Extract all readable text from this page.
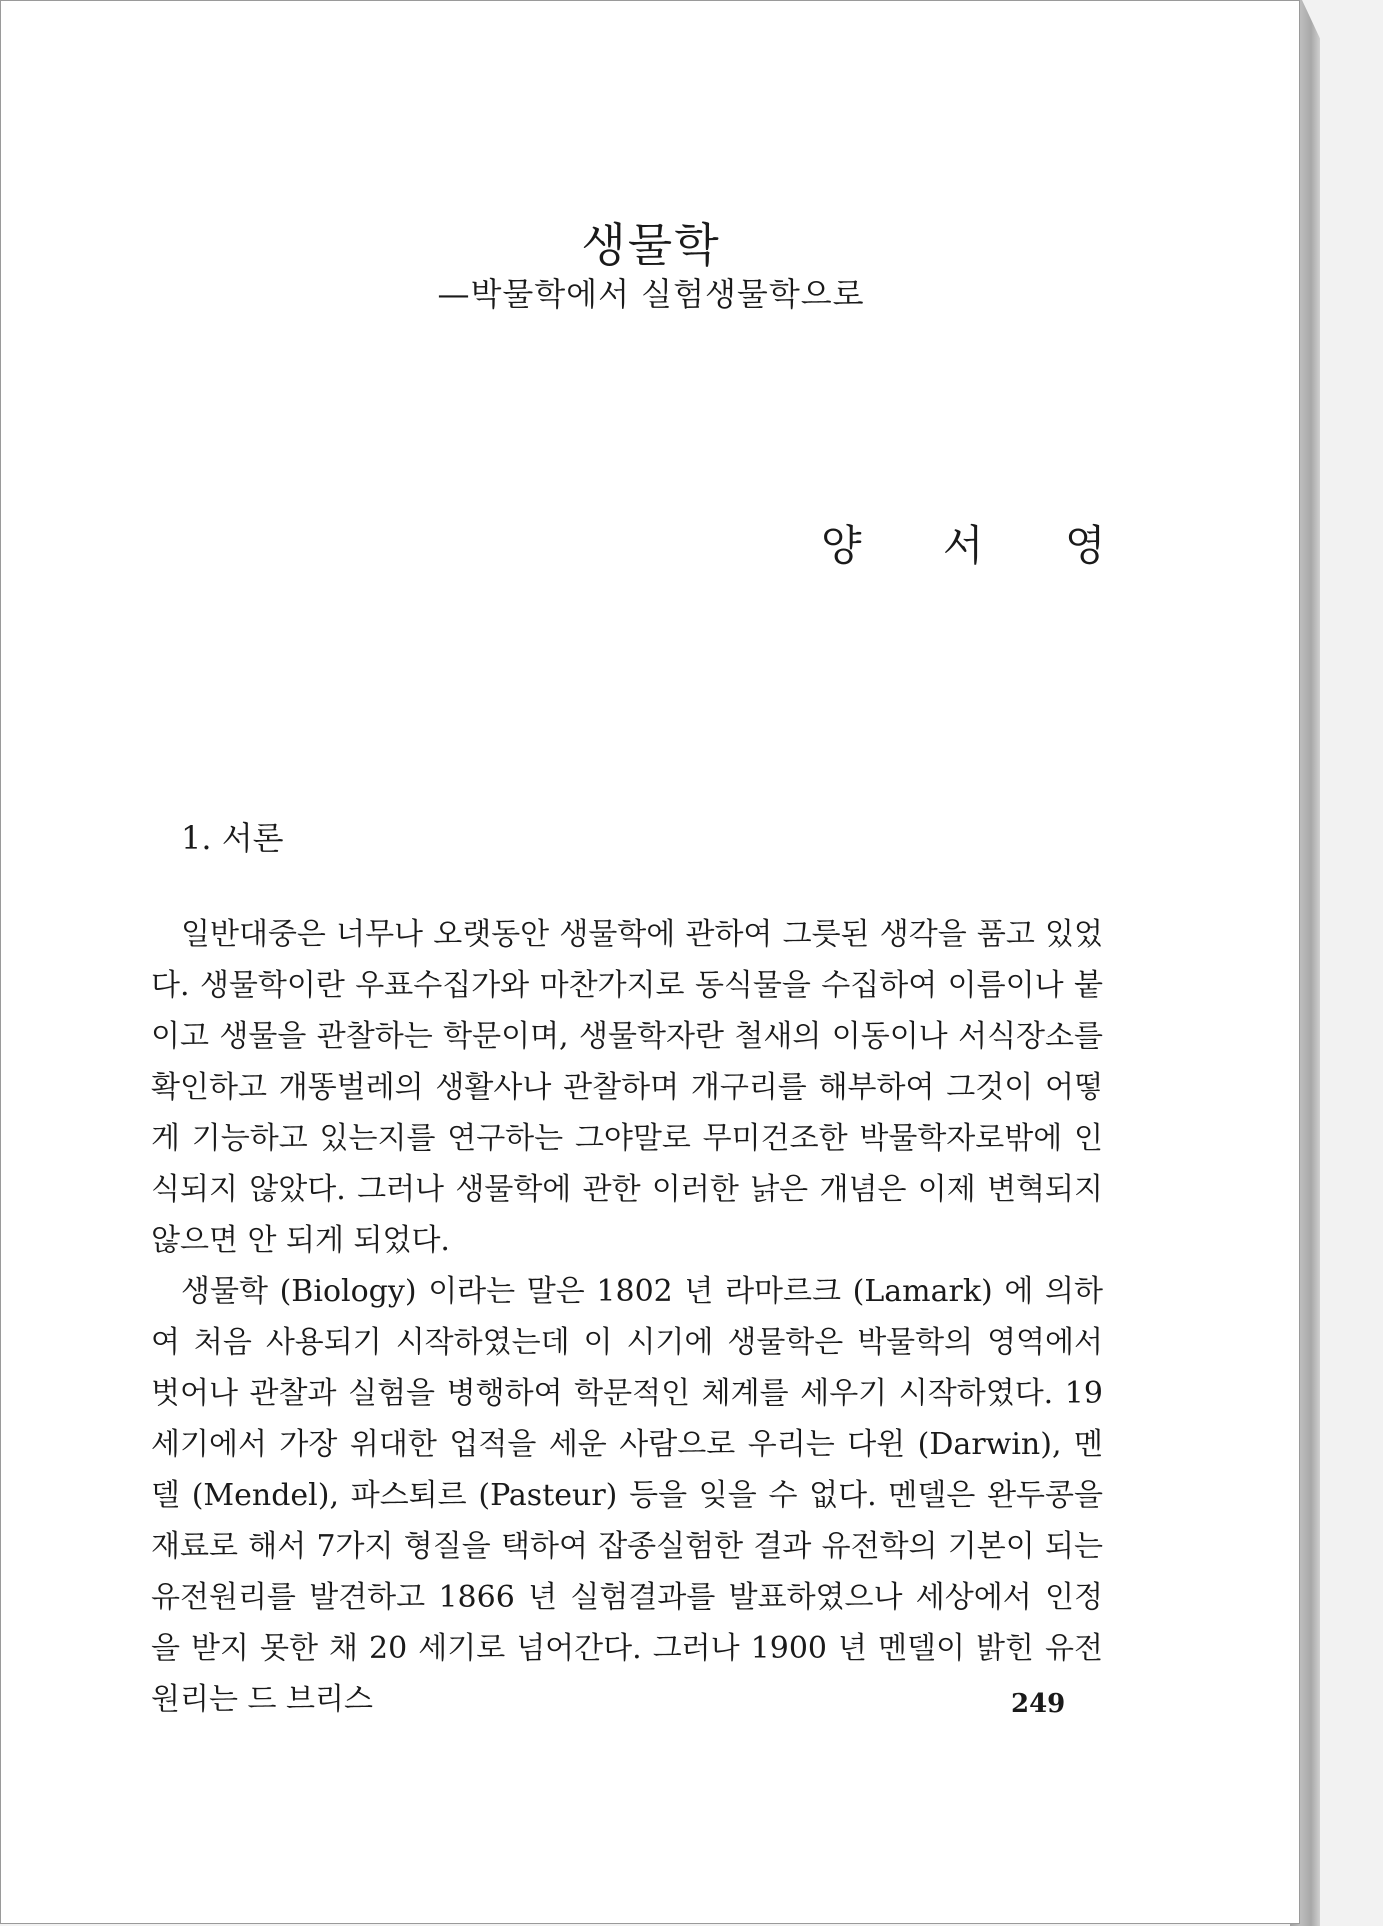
생물학
—박물학에서 실험생물학으로
양 서 영
1. 서론

일반대중은 너무나 오랫동안 생물학에 관하여 그릇된 생각을 품고 있었다. 생물학이란 우표수집가와 마찬가지로 동식물을 수집하여 이름이나 붙이고 생물을 관찰하는 학문이며, 생물학자란 철새의 이동이나 서식장소를 확인하고 개똥벌레의 생활사나 관찰하며 개구리를 해부하여 그것이 어떻게 기능하고 있는지를 연구하는 그야말로 무미건조한 박물학자로밖에 인식되지 않았다. 그러나 생물학에 관한 이러한 낡은 개념은 이제 변혁되지 않으면 안 되게 되었다.

생물학 (Biology) 이라는 말은 1802 년 라마르크 (Lamark) 에 의하여 처음 사용되기 시작하였는데 이 시기에 생물학은 박물학의 영역에서 벗어나 관찰과 실험을 병행하여 학문적인 체계를 세우기 시작하였다. 19 세기에서 가장 위대한 업적을 세운 사람으로 우리는 다윈 (Darwin), 멘델 (Mendel), 파스퇴르 (Pasteur) 등을 잊을 수 없다. 멘델은 완두콩을 재료로 해서 7가지 형질을 택하여 잡종실험한 결과 유전학의 기본이 되는 유전원리를 발견하고 1866 년 실험결과를 발표하였으나 세상에서 인정을 받지 못한 채 20 세기로 넘어간다. 그러나 1900 년 멘델이 밝힌 유전원리는 드 브리스	249
